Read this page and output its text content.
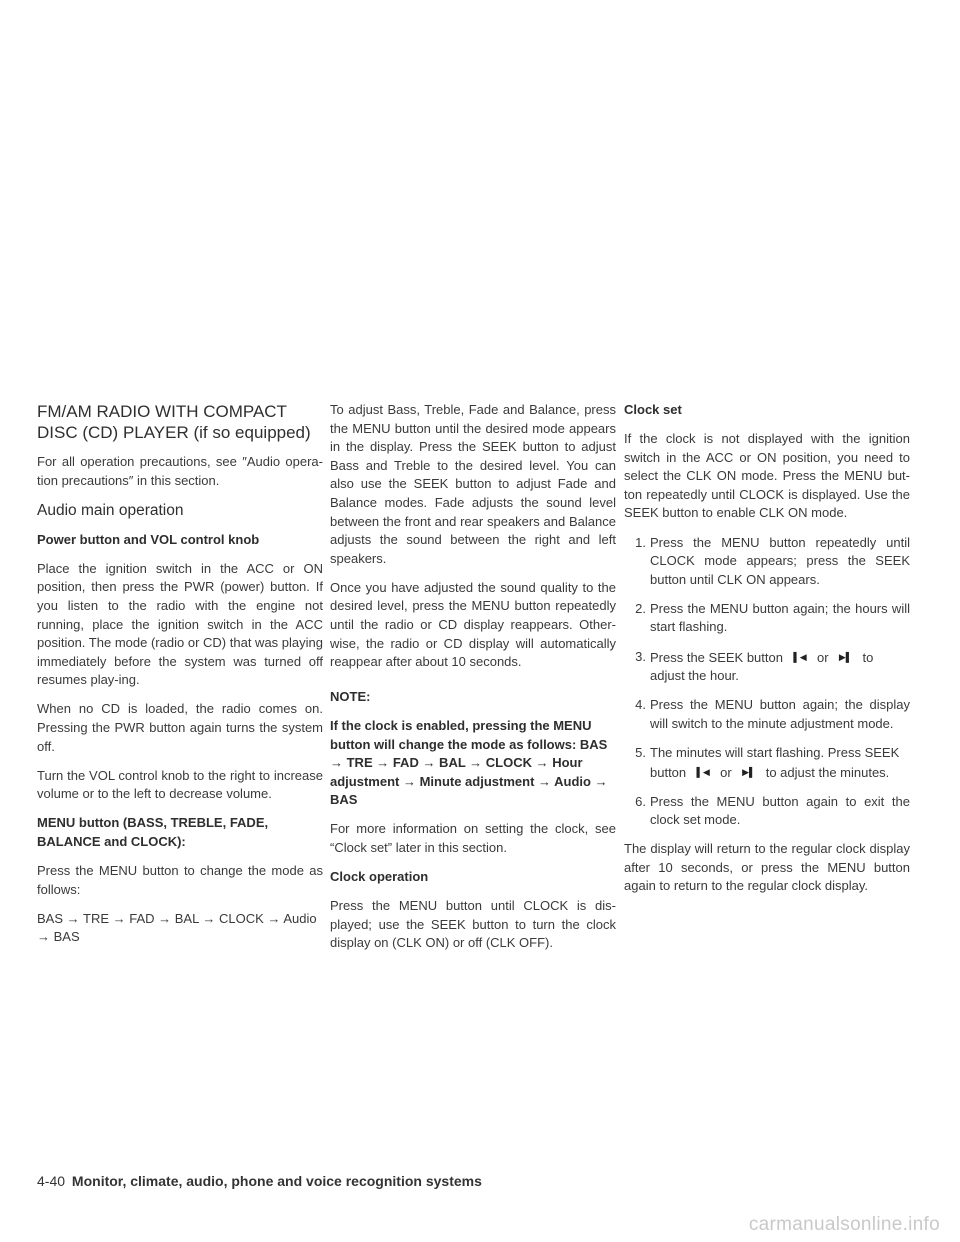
FM/AM RADIO WITH COMPACT
DISC (CD) PLAYER (if so equipped)

For all operation precautions, see ″Audio opera-tion precautions″ in this section.

Audio main operation

Power button and VOL control knob

Place the ignition switch in the ACC or ON position, then press the PWR (power) button. If you listen to the radio with the engine not running, place the ignition switch in the ACC position. The mode (radio or CD) that was playing immediately before the system was turned off resumes play-ing.

When no CD is loaded, the radio comes on. Pressing the PWR button again turns the system off.

Turn the VOL control knob to the right to increase volume or to the left to decrease volume.

MENU button (BASS, TREBLE, FADE, BALANCE and CLOCK):

Press the MENU button to change the mode as follows:

BAS → TRE → FAD → BAL → CLOCK → Audio → BAS

To adjust Bass, Treble, Fade and Balance, press the MENU button until the desired mode appears in the display. Press the SEEK button to adjust Bass and Treble to the desired level. You can also use the SEEK button to adjust Fade and Balance modes. Fade adjusts the sound level between the front and rear speakers and Balance adjusts the sound between the right and left speakers.

Once you have adjusted the sound quality to the desired level, press the MENU button repeatedly until the radio or CD display reappears. Other-wise, the radio or CD display will automatically reappear after about 10 seconds.

NOTE:

If the clock is enabled, pressing the MENU button will change the mode as follows: BAS → TRE → FAD → BAL → CLOCK → Hour adjustment → Minute adjustment → Audio → BAS

For more information on setting the clock, see “Clock set” later in this section.

Clock operation

Press the MENU button until CLOCK is dis-played; use the SEEK button to turn the clock display on (CLK ON) or off (CLK OFF).

Clock set

If the clock is not displayed with the ignition switch in the ACC or ON position, you need to select the CLK ON mode. Press the MENU but-ton repeatedly until CLOCK is displayed. Use the SEEK button to enable CLK ON mode.

1. Press the MENU button repeatedly until CLOCK mode appears; press the SEEK button until CLK ON appears.
2. Press the MENU button again; the hours will start flashing.
3. Press the SEEK button ▌◀ or ▶▌ to adjust the hour.
4. Press the MENU button again; the display will switch to the minute adjustment mode.
5. The minutes will start flashing. Press SEEK button ▌◀ or ▶▌ to adjust the minutes.
6. Press the MENU button again to exit the clock set mode.

The display will return to the regular clock display after 10 seconds, or press the MENU button again to return to the regular clock display.

4-40 Monitor, climate, audio, phone and voice recognition systems
carmanualsonline.info
